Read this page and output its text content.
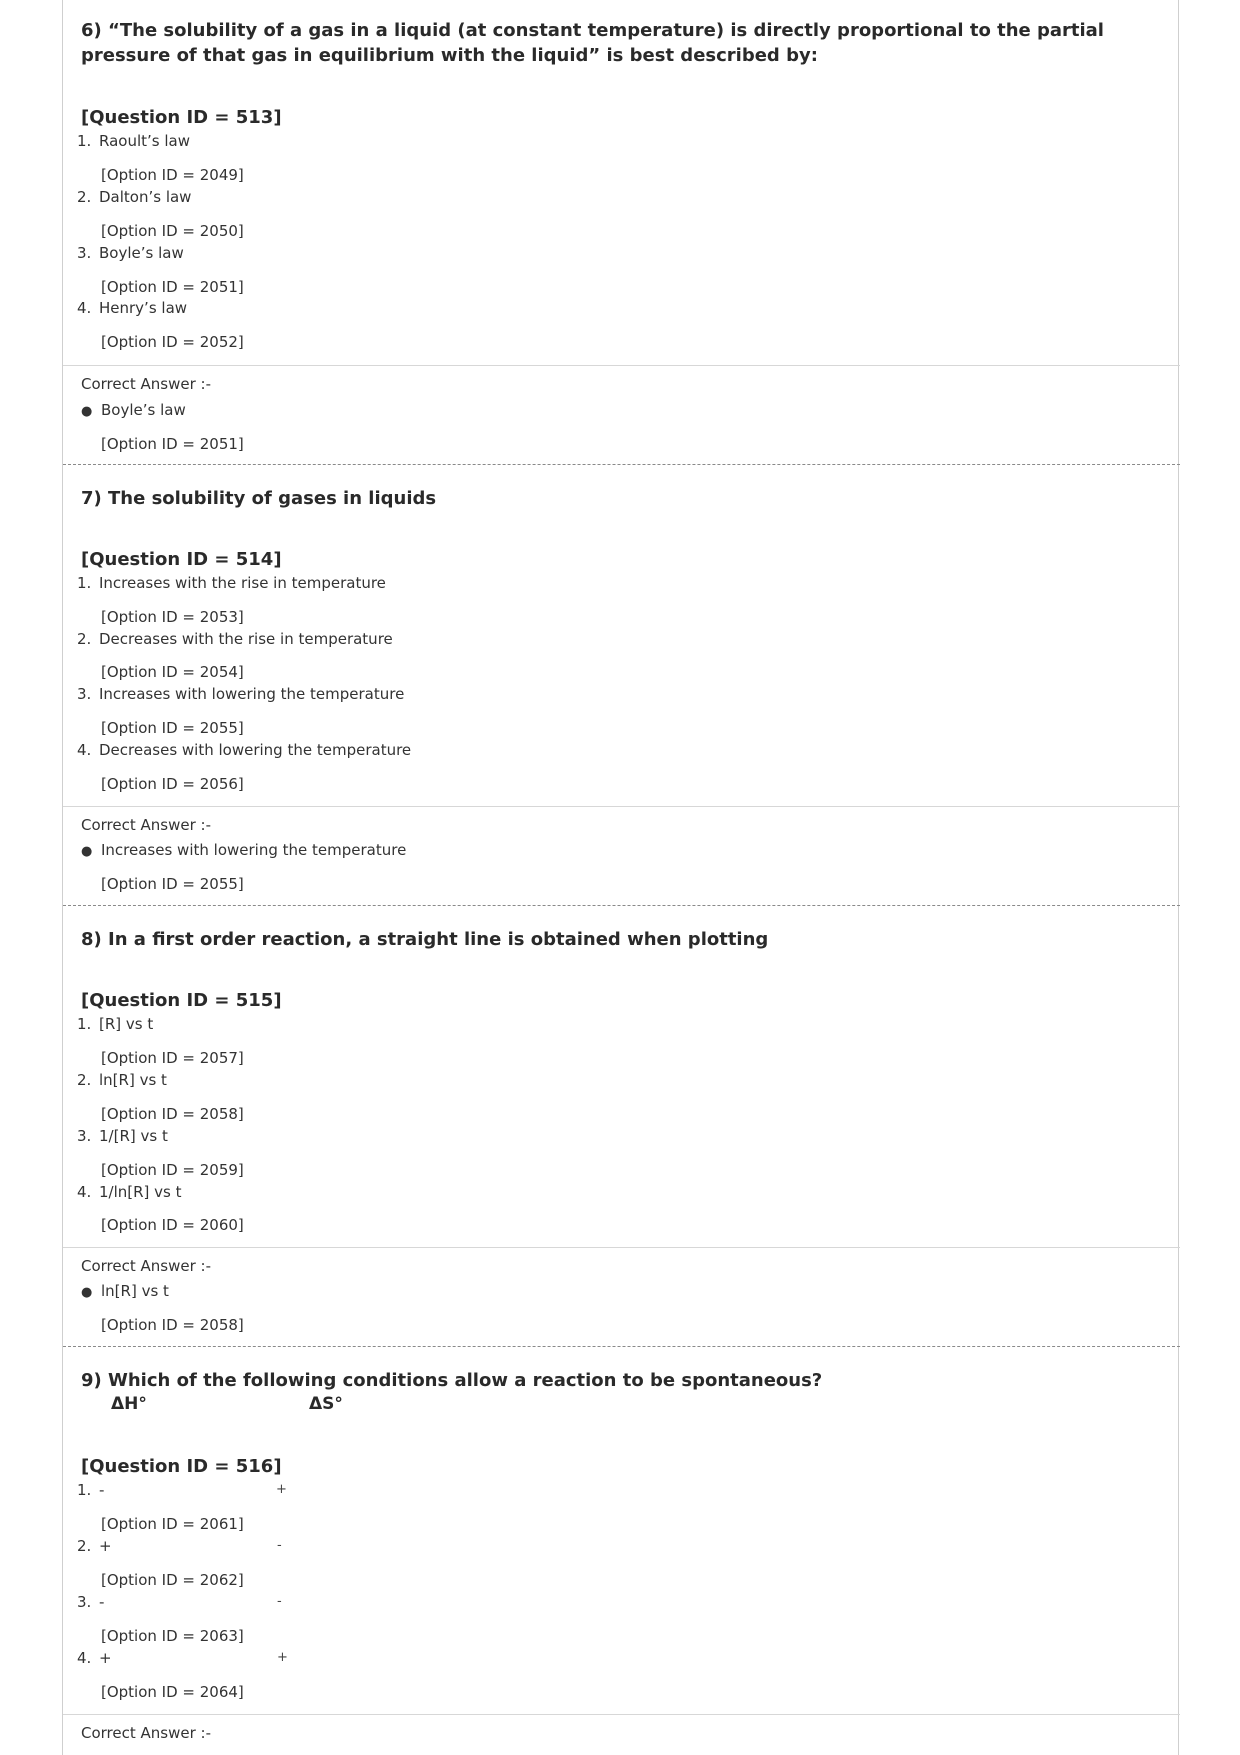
6) “The solubility of a gas in a liquid (at constant temperature) is directly proportional to the partial pressure of that gas in equilibrium with the liquid” is best described by:
[Question ID = 513]
1. Raoult’s law
[Option ID = 2049]
2. Dalton’s law
[Option ID = 2050]
3. Boyle’s law
[Option ID = 2051]
4. Henry’s law
[Option ID = 2052]
Correct Answer :-
● Boyle’s law
[Option ID = 2051]
7) The solubility of gases in liquids
[Question ID = 514]
1. Increases with the rise in temperature
[Option ID = 2053]
2. Decreases with the rise in temperature
[Option ID = 2054]
3. Increases with lowering the temperature
[Option ID = 2055]
4. Decreases with lowering the temperature
[Option ID = 2056]
Correct Answer :-
● Increases with lowering the temperature
[Option ID = 2055]
8) In a first order reaction, a straight line is obtained when plotting
[Question ID = 515]
1. [R] vs t
[Option ID = 2057]
2. ln[R] vs t
[Option ID = 2058]
3. 1/[R] vs t
[Option ID = 2059]
4. 1/ln[R] vs t
[Option ID = 2060]
Correct Answer :-
● ln[R] vs t
[Option ID = 2058]
9) Which of the following conditions allow a reaction to be spontaneous?
ΔH°	ΔS°
[Question ID = 516]
1. -	+
[Option ID = 2061]
2. +	-
[Option ID = 2062]
3. -	-
[Option ID = 2063]
4. +	+
[Option ID = 2064]
Correct Answer :-
